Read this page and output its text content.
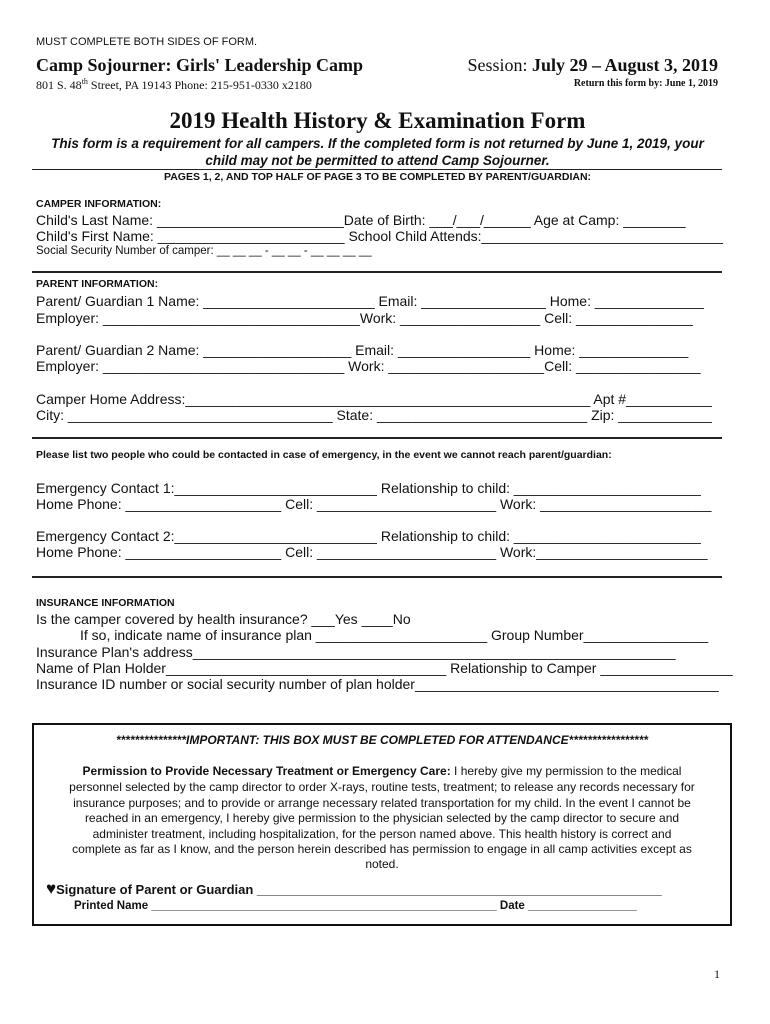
MUST COMPLETE BOTH SIDES OF FORM.
Camp Sojourner: Girls' Leadership Camp
801 S. 48th Street, PA 19143 Phone: 215-951-0330 x2180
Session: July 29 – August 3, 2019
Return this form by: June 1, 2019
2019 Health History & Examination Form
This form is a requirement for all campers. If the completed form is not returned by June 1, 2019, your
child may not be permitted to attend Camp Sojourner.
PAGES 1, 2, AND TOP HALF OF PAGE 3 TO BE COMPLETED BY PARENT/GUARDIAN:
CAMPER INFORMATION:
Child's Last Name: ________________________Date of Birth: ___/___/______ Age at Camp: ________
Child's First Name: ________________________ School Child Attends:_______________________________
Social Security Number of camper: __ __ __ - __ __ - __ __ __ __
PARENT INFORMATION:
Parent/ Guardian 1 Name: ______________________ Email: ________________ Home: ______________
Employer: _________________________________Work: __________________ Cell: _______________
Parent/ Guardian 2 Name: ___________________ Email: _________________ Home: ______________
Employer: _______________________________ Work: ____________________Cell: ________________
Camper Home Address:____________________________________________________ Apt #___________
City: __________________________________ State: ___________________________ Zip: ____________
Please list two people who could be contacted in case of emergency, in the event we cannot reach parent/guardian:
Emergency Contact 1:__________________________ Relationship to child: ________________________
Home Phone: ____________________ Cell: _______________________ Work: ______________________
Emergency Contact 2:__________________________ Relationship to child: ________________________
Home Phone: ____________________ Cell: _______________________ Work:______________________
INSURANCE INFORMATION
Is the camper covered by health insurance? ___Yes ____No
If so, indicate name of insurance plan ______________________ Group Number________________
Insurance Plan's address______________________________________________________________
Name of Plan Holder____________________________________ Relationship to Camper _________________
Insurance ID number or social security number of plan holder_______________________________________
***************IMPORTANT: THIS BOX MUST BE COMPLETED FOR ATTENDANCE*****************
Permission to Provide Necessary Treatment or Emergency Care: I hereby give my permission to the medical
personnel selected by the camp director to order X-rays, routine tests, treatment; to release any records necessary for
insurance purposes; and to provide or arrange necessary related transportation for my child. In the event I cannot be
reached in an emergency, I hereby give permission to the physician selected by the camp director to secure and
administer treatment, including hospitalization, for the person named above. This health history is correct and
complete as far as I know, and the person herein described has permission to engage in all camp activities except as
noted.
♥Signature of Parent or Guardian ________________________________________________________
Printed Name ______________________________________________________ Date _________________
1
